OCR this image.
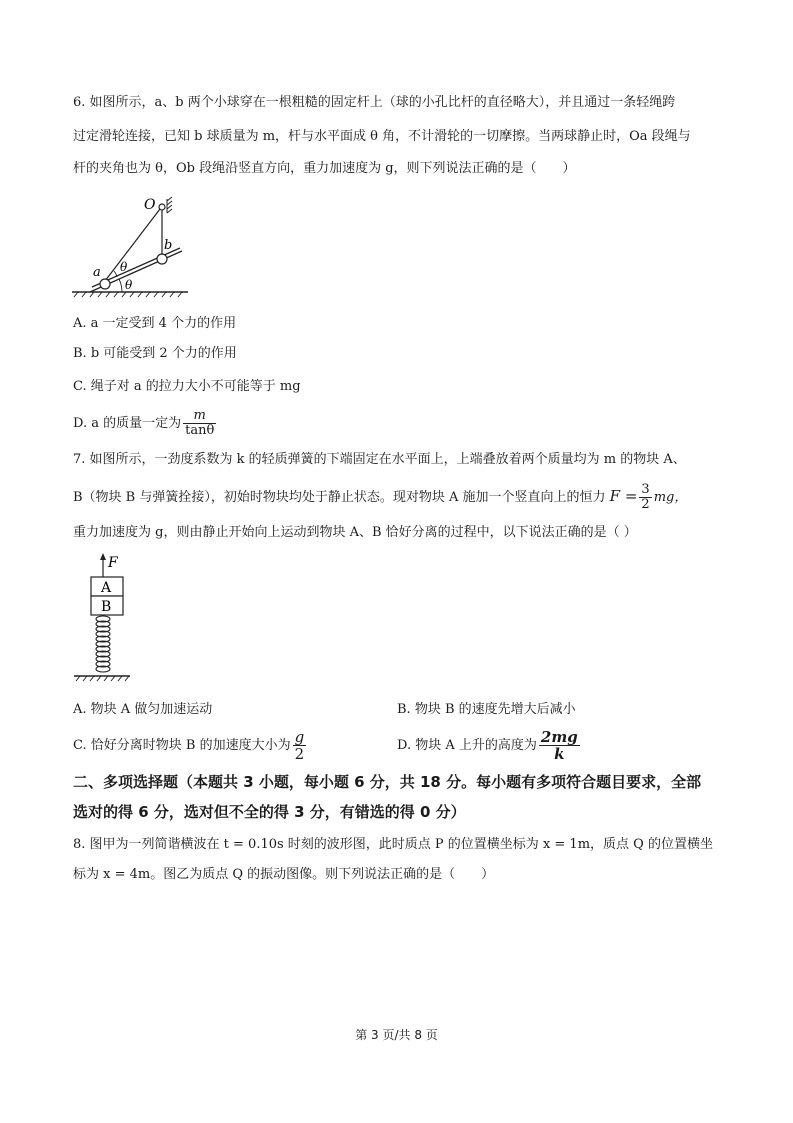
6. 如图所示，a、b 两个小球穿在一根粗糙的固定杆上（球的小孔比杆的直径略大），并且通过一条轻绳跨
过定滑轮连接，已知 b 球质量为 m，杆与水平面成 θ 角，不计滑轮的一切摩擦。当两球静止时，Oa 段绳与
杆的夹角也为 θ，Ob 段绳沿竖直方向，重力加速度为 g，则下列说法正确的是（　　）
O
a
b
θ
θ
A. a 一定受到 4 个力的作用
B. b 可能受到 2 个力的作用
C. 绳子对 a 的拉力大小不可能等于 mg
D. a 的质量一定为 $\frac{m}{\tan\theta}$
7. 如图所示，一劲度系数为 k 的轻质弹簧的下端固定在水平面上，上端叠放着两个质量均为 m 的物块 A、
B（物块 B 与弹簧拴接），初始时物块均处于静止状态。现对物块 A 施加一个竖直向上的恒力 $F = \frac{3}{2}$ mg，
重力加速度为 g，则由静止开始向上运动到物块 A、B 恰好分离的过程中，以下说法正确的是（ ）
F
A
B
A. 物块 A 做匀加速运动	B. 物块 B 的速度先增大后减小
C. 恰好分离时物块 B 的加速度大小为 $\frac{g}{2}$	D. 物块 A 上升的高度为 $\frac{2mg}{k}$
二、多项选择题（本题共 3 小题，每小题 6 分，共 18 分。每小题有多项符合题目要求，全部
选对的得 6 分，选对但不全的得 3 分，有错选的得 0 分）
8. 图甲为一列简谐横波在 t = 0.10s 时刻的波形图，此时质点 P 的位置横坐标为 x = 1m，质点 Q 的位置横坐
标为 x = 4m。图乙为质点 Q 的振动图像。则下列说法正确的是（　　）
第 3 页/共 8 页
